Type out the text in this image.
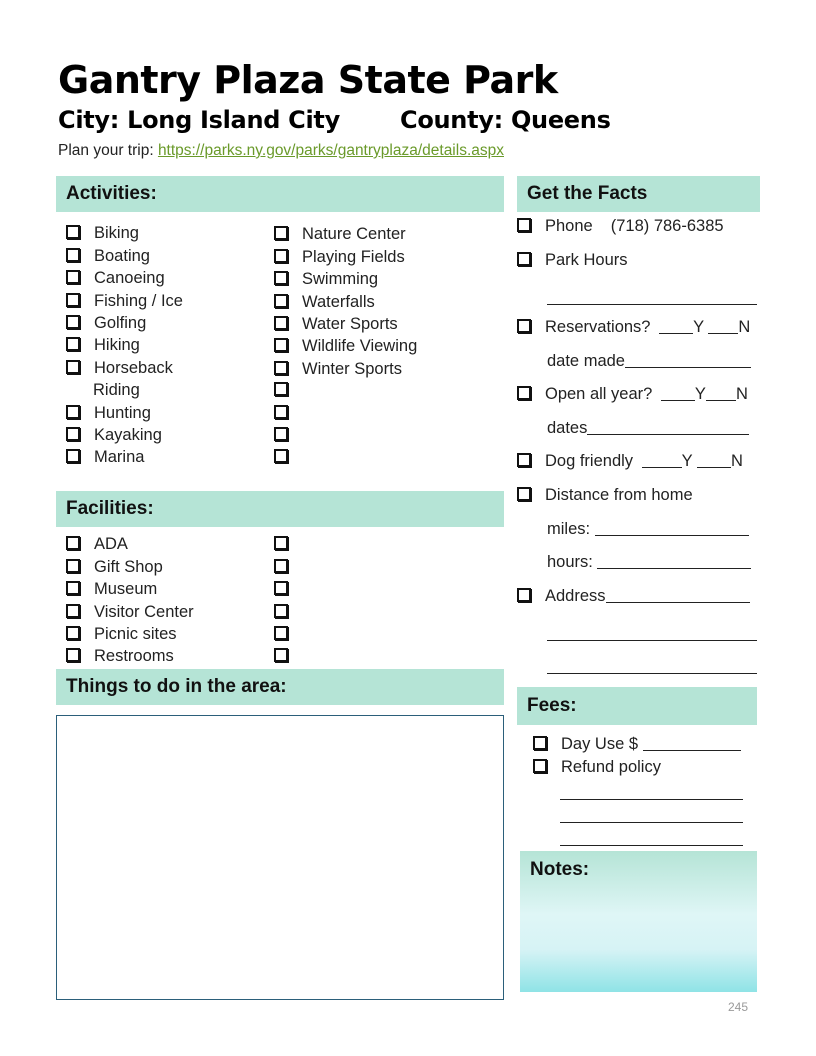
Gantry Plaza State Park
City: Long Island City	County: Queens
Plan your trip: https://parks.ny.gov/parks/gantryplaza/details.aspx
Activities:
Biking
Boating
Canoeing
Fishing / Ice
Golfing
Hiking
Horseback
Riding
Hunting
Kayaking
Marina
Nature Center
Playing Fields
Swimming
Waterfalls
Water Sports
Wildlife Viewing
Winter Sports
Facilities:
ADA
Gift Shop
Museum
Visitor Center
Picnic sites
Restrooms
Things to do in the area:
Get the Facts
Phone (718) 786-6385
Park Hours
Reservations?	Y N
date made
Open all year?	Y N
dates
Dog friendly	Y N
Distance from home
miles:
hours:
Address
Fees:
Day Use $
Refund policy
Notes:
245
